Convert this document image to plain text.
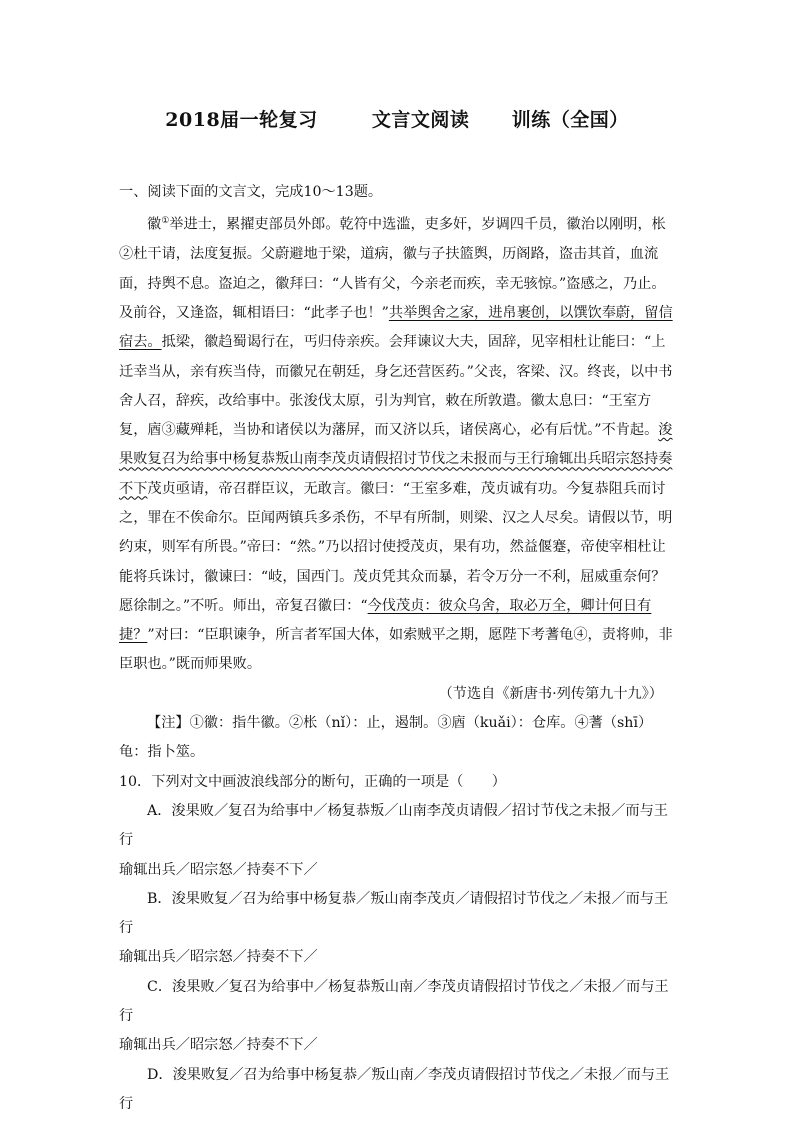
2018届一轮复习	文言文阅读 训练（全国）

一、阅读下面的文言文，完成10～13题。

徽①举进士，累擢吏部员外郎。乾符中选滥，吏多奸，岁调四千员，徽治以刚明，枨②杜干请，法度复振。父蔚避地于梁，道病，徽与子扶篮舆，历阁路，盗击其首，血流面，持舆不息。盗迫之，徽拜曰：“人皆有父，今亲老而疾，幸无骇惊。”盗感之，乃止。及前谷，又逢盗，辄相语曰：“此孝子也！”共举舆舍之家，进帛裹创，以馔饮奉蔚，留信宿去。抵梁，徽趋蜀谒行在，丐归侍亲疾。会拜谏议大夫，固辞，见宰相杜让能曰：“上迁幸当从，亲有疾当侍，而徽兄在朝廷，身乞还营医药。”父丧，客梁、汉。终丧，以中书舍人召，辞疾，改给事中。张浚伐太原，引为判官，敕在所敦遣。徽太息曰：“王室方复，庮③藏殚耗，当协和诸侯以为藩屏，而又济以兵，诸侯离心，必有后忧。”不肯起。浚果败复召为给事中杨复恭叛山南李茂贞请假招讨节伐之未报而与王行瑜辄出兵昭宗怒持奏不下茂贞亟请，帝召群臣议，无敢言。徽曰：“王室多难，茂贞诚有功。今复恭阻兵而讨之，罪在不俟命尔。臣闻两镇兵多杀伤，不早有所制，则梁、汉之人尽矣。请假以节，明约束，则军有所畏。”帝曰：“然。”乃以招讨使授茂贞，果有功，然益偃蹇，帝使宰相杜让能将兵诛讨，徽谏曰：“岐，国西门。茂贞凭其众而暴，若令万分一不利，屈威重奈何？愿徐制之。”不听。师出，帝复召徽曰：“今伐茂贞：彼众乌舍，取必万全，卿计何日有捷？”对曰：“臣职谏争，所言者军国大体，如索贼平之期，愿陛下考蓍龟④，责将帅，非臣职也。”既而师果败。

（节选自《新唐书·列传第九十九》）

【注】①徽：指牛徽。②枨（nǐ）：止，遏制。③庮（kuǎi）：仓库。④蓍（shī）龟：指卜筮。

10．下列对文中画波浪线部分的断句，正确的一项是（　　）

A．浚果败／复召为给事中／杨复恭叛／山南李茂贞请假／招讨节伐之未报／而与王行
瑜辄出兵／昭宗怒／持奏不下／
B．浚果败复／召为给事中杨复恭／叛山南李茂贞／请假招讨节伐之／未报／而与王行
瑜辄出兵／昭宗怒／持奏不下／
C．浚果败／复召为给事中／杨复恭叛山南／李茂贞请假招讨节伐之／未报／而与王行
瑜辄出兵／昭宗怒／持奏不下／
D．浚果败复／召为给事中杨复恭／叛山南／李茂贞请假招讨节伐之／未报／而与王行
